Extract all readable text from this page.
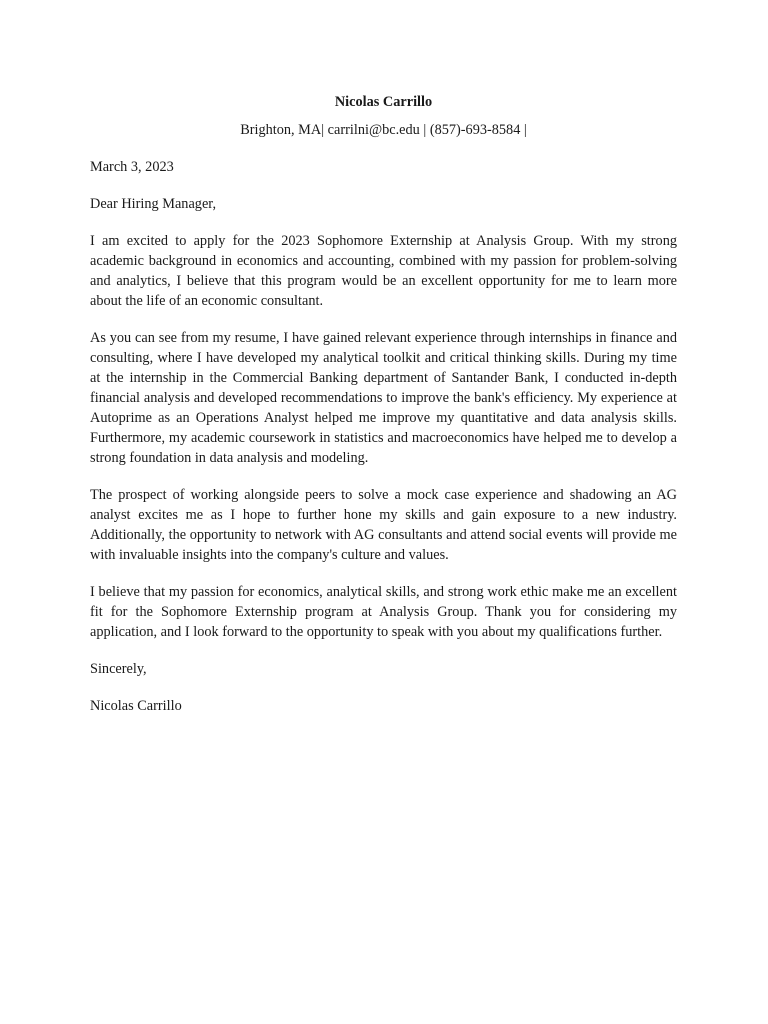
Nicolas Carrillo
Brighton, MA| carrilni@bc.edu | (857)-693-8584 |
March 3, 2023
Dear Hiring Manager,

I am excited to apply for the 2023 Sophomore Externship at Analysis Group. With my strong academic background in economics and accounting, combined with my passion for problem-solving and analytics, I believe that this program would be an excellent opportunity for me to learn more about the life of an economic consultant.

As you can see from my resume, I have gained relevant experience through internships in finance and consulting, where I have developed my analytical toolkit and critical thinking skills. During my time at the internship in the Commercial Banking department of Santander Bank, I conducted in-depth financial analysis and developed recommendations to improve the bank's efficiency. My experience at Autoprime as an Operations Analyst helped me improve my quantitative and data analysis skills. Furthermore, my academic coursework in statistics and macroeconomics have helped me to develop a strong foundation in data analysis and modeling.

The prospect of working alongside peers to solve a mock case experience and shadowing an AG analyst excites me as I hope to further hone my skills and gain exposure to a new industry. Additionally, the opportunity to network with AG consultants and attend social events will provide me with invaluable insights into the company's culture and values.

I believe that my passion for economics, analytical skills, and strong work ethic make me an excellent fit for the Sophomore Externship program at Analysis Group. Thank you for considering my application, and I look forward to the opportunity to speak with you about my qualifications further.

Sincerely,
Nicolas Carrillo
